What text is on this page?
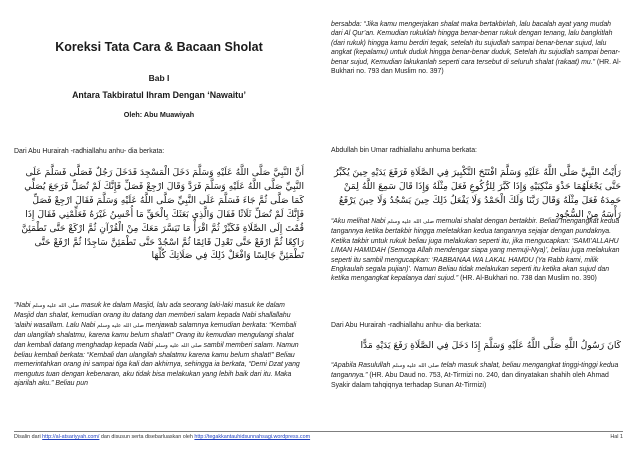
Koreksi Tata Cara & Bacaan Sholat
Bab I
Antara Takbiratul Ihram Dengan ‘Nawaitu’
Oleh: Abu Muawiyah

Dari Abu Hurairah -radhiallahu anhu- dia berkata:

أَنَّ النَّبِيَّ صَلَّى اللَّهُ عَلَيْهِ وَسَلَّمَ دَخَلَ الْمَسْجِدَ فَدَخَلَ رَجُلٌ فَصَلَّى فَسَلَّمَ عَلَى النَّبِيِّ صَلَّى اللَّهُ عَلَيْهِ وَسَلَّمَ فَرَدَّ وَقَالَ ارْجِعْ فَصَلِّ فَإِنَّكَ لَمْ تُصَلِّ فَرَجَعَ يُصَلِّي كَمَا صَلَّى ثُمَّ جَاءَ فَسَلَّمَ عَلَى النَّبِيِّ صَلَّى اللَّهُ عَلَيْهِ وَسَلَّمَ فَقَالَ ارْجِعْ فَصَلِّ فَإِنَّكَ لَمْ تُصَلِّ ثَلَاثًا فَقَالَ وَالَّذِي بَعَثَكَ بِالْحَقِّ مَا أُحْسِنُ غَيْرَهُ فَعَلِّمْنِي فَقَالَ إِذَا قُمْتَ إِلَى الصَّلَاةِ فَكَبِّرْ ثُمَّ اقْرَأْ مَا تَيَسَّرَ مَعَكَ مِنْ الْقُرْآنِ ثُمَّ ارْكَعْ حَتَّى تَطْمَئِنَّ رَاكِعًا ثُمَّ ارْفَعْ حَتَّى تَعْدِلَ قَائِمًا ثُمَّ اسْجُدْ حَتَّى تَطْمَئِنَّ سَاجِدًا ثُمَّ ارْفَعْ حَتَّى تَطْمَئِنَّ جَالِسًا وَافْعَلْ ذَلِكَ فِي صَلَاتِكَ كُلِّهَا

“Nabi صلى الله عليه وسلم masuk ke dalam Masjid, lalu ada seorang laki-laki masuk ke dalam Masjid dan shalat, kemudian orang itu datang dan memberi salam kepada Nabi shallallahu ‘alaihi wasallam. Lalu Nabi صلى الله عليه وسلم menjawab salamnya kemudian berkata: “Kembali dan ulangilah shalatmu, karena kamu belum shalat!” Orang itu kemudian mengulangi shalat dan kembali datang menghadap kepada Nabi صلى الله عليه وسلم sambil memberi salam. Namun beliau kembali berkata: “Kembali dan ulangilah shalatmu karena kamu belum shalat!” Beliau memerintahkan orang ini sampai tiga kali dan akhirnya, sehingga ia berkata, “Demi Dzat yang mengutus tuan dengan kebenaran, aku tidak bisa melakukan yang lebih baik dari itu. Maka ajarilah aku.” Beliau pun

bersabda: “Jika kamu mengerjakan shalat maka bertakbirlah, lalu bacalah ayat yang mudah dari Al Qur’an. Kemudian rukuklah hingga benar-benar rukuk dengan tenang, lalu bangkitlah (dari rukuk) hingga kamu berdiri tegak, setelah itu sujudlah sampai benar-benar sujud, lalu angkat (kepalamu) untuk duduk hingga benar-benar duduk, Setelah itu sujudlah sampai benar-benar sujud, Kemudian lakukanlah seperti cara tersebut di seluruh shalat (rakaat) mu.” (HR. Al-Bukhari no. 793 dan Muslim no. 397)

Abdullah bin Umar radhiallahu anhuma berkata:

رَأَيْتُ النَّبِيَّ صَلَّى اللَّهُ عَلَيْهِ وَسَلَّمَ افْتَتَحَ التَّكْبِيرَ فِي الصَّلَاةِ فَرَفَعَ يَدَيْهِ حِينَ يُكَبِّرُ حَتَّى يَجْعَلَهُمَا حَذْوَ مَنْكِبَيْهِ وَإِذَا كَبَّرَ لِلرُّكُوعِ فَعَلَ مِثْلَهُ وَإِذَا قَالَ سَمِعَ اللَّهُ لِمَنْ حَمِدَهُ فَعَلَ مِثْلَهُ وَقَالَ رَبَّنَا وَلَكَ الْحَمْدُ وَلَا يَفْعَلُ ذَلِكَ حِينَ يَسْجُدُ وَلَا حِينَ يَرْفَعُ رَأْسَهُ مِنْ السُّجُودِ

“Aku melihat Nabi صلى الله عليه وسلم memulai shalat dengan bertakbir. Beliau mengangkat kedua tangannya ketika bertakbir hingga meletakkan kedua tangannya sejajar dengan pundaknya. Ketika takbir untuk rukuk beliau juga melakukan seperti itu, jika mengucapkan: ‘SAMI’ALLAHU LIMAN HAMIDAH (Semoga Allah mendengar siapa yang memuji-Nya)’, beliau juga melakukan seperti itu sambil mengucapkan: ‘RABBANAA WA LAKAL HAMDU (Ya Rabb kami, milik Engkaulah segala pujian)’. Namun Beliau tidak melakukan seperti itu ketika akan sujud dan ketika mengangkat kepalanya dari sujud.” (HR. Al-Bukhari no. 738 dan Muslim no. 390)

Dari Abu Hurairah -radhiallahu anhu- dia berkata:

كَانَ رَسُولُ اللَّهِ صَلَّى اللَّهُ عَلَيْهِ وَسَلَّمَ إِذَا دَخَلَ فِي الصَّلَاةِ رَفَعَ يَدَيْهِ مَدًّا

“Apabila Rasulullah صلى الله عليه وسلم telah masuk shalat, beliau mengangkat tinggi-tinggi kedua tangannya.” (HR. Abu Daud no. 753, At-Tirmizi no. 240, dan dinyatakan shahih oleh Ahmad Syakir dalam tahqiqnya terhadap Sunan At-Tirmizi)

Disalin dari http://al-atsariyyah.com/ dan disusun serta disebarluaskan oleh http://tegakkantauhidsunnahsagi.wordpress.com	Hal 1
